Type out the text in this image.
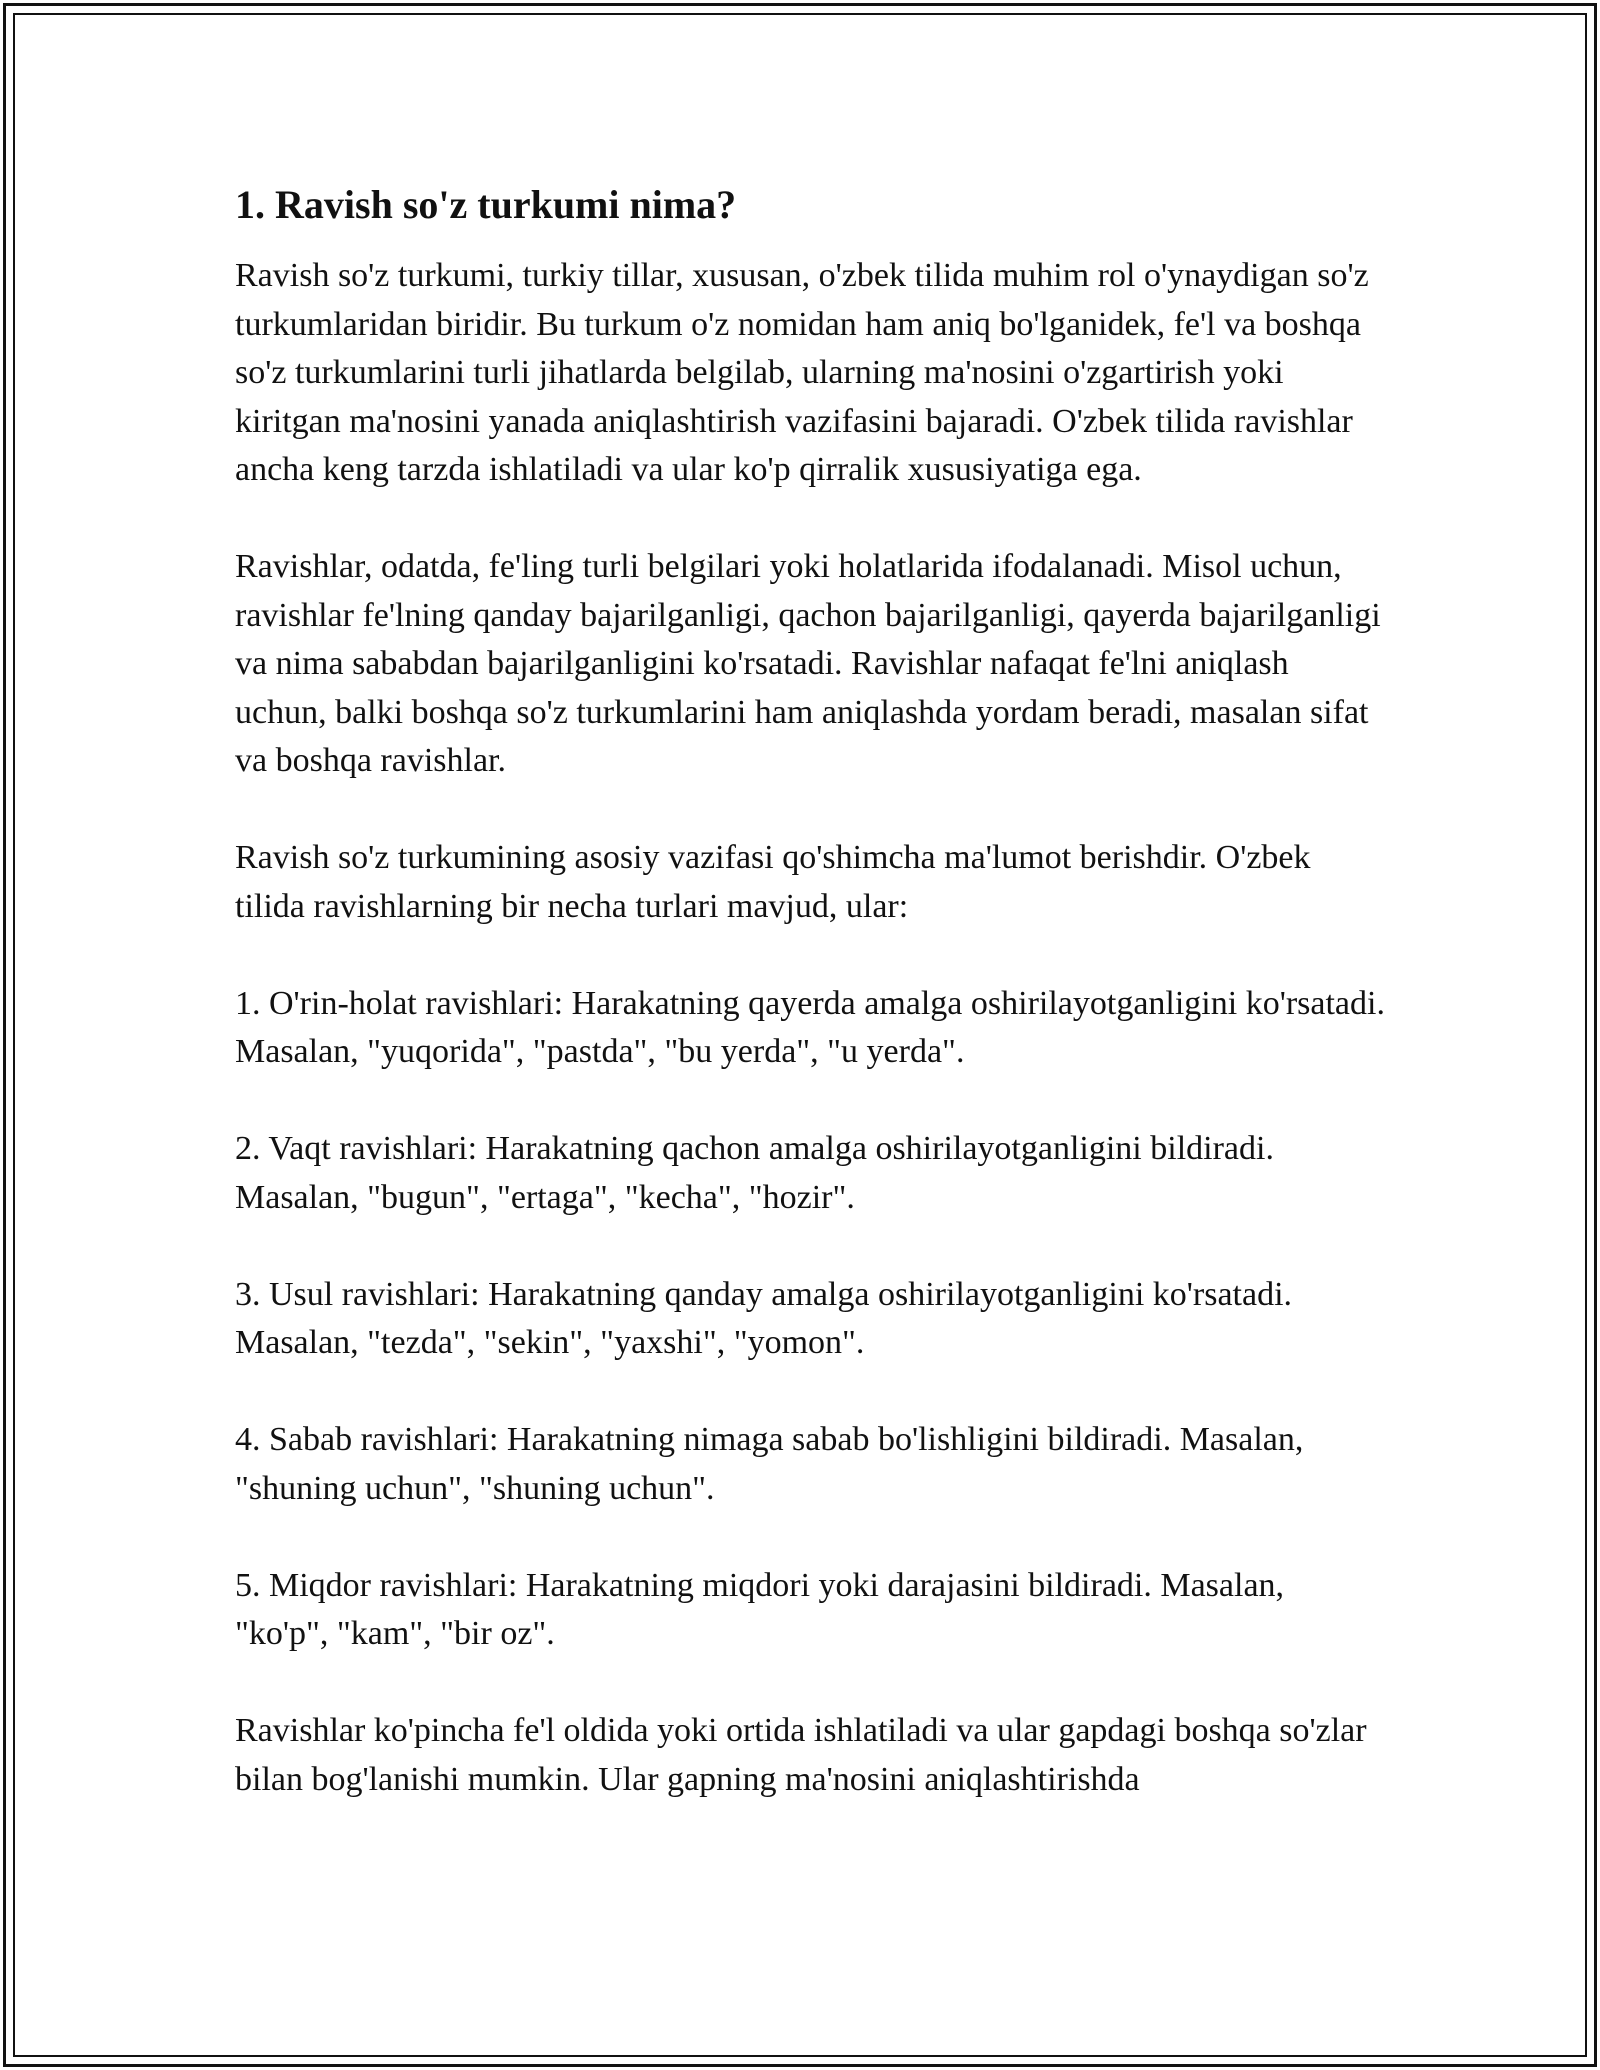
1. Ravish so'z turkumi nima?

Ravish so'z turkumi, turkiy tillar, xususan, o'zbek tilida muhim rol o'ynaydigan so'z turkumlaridan biridir. Bu turkum o'z nomidan ham aniq bo'lganidek, fe'l va boshqa so'z turkumlarini turli jihatlarda belgilab, ularning ma'nosini o'zgartirish yoki kiritgan ma'nosini yanada aniqlashtirish vazifasini bajaradi. O'zbek tilida ravishlar ancha keng tarzda ishlatiladi va ular ko'p qirralik xususiyatiga ega.

Ravishlar, odatda, fe'ling turli belgilari yoki holatlarida ifodalanadi. Misol uchun, ravishlar fe'lning qanday bajarilganligi, qachon bajarilganligi, qayerda bajarilganligi va nima sababdan bajarilganligini ko'rsatadi. Ravishlar nafaqat fe'lni aniqlash uchun, balki boshqa so'z turkumlarini ham aniqlashda yordam beradi, masalan sifat va boshqa ravishlar.

Ravish so'z turkumining asosiy vazifasi qo'shimcha ma'lumot berishdir. O'zbek tilida ravishlarning bir necha turlari mavjud, ular:

1. O'rin-holat ravishlari: Harakatning qayerda amalga oshirilayotganligini ko'rsatadi. Masalan, "yuqorida", "pastda", "bu yerda", "u yerda".

2. Vaqt ravishlari: Harakatning qachon amalga oshirilayotganligini bildiradi. Masalan, "bugun", "ertaga", "kecha", "hozir".

3. Usul ravishlari: Harakatning qanday amalga oshirilayotganligini ko'rsatadi. Masalan, "tezda", "sekin", "yaxshi", "yomon".

4. Sabab ravishlari: Harakatning nimaga sabab bo'lishligini bildiradi. Masalan, "shuning uchun", "shuning uchun".

5. Miqdor ravishlari: Harakatning miqdori yoki darajasini bildiradi. Masalan, "ko'p", "kam", "bir oz".

Ravishlar ko'pincha fe'l oldida yoki ortida ishlatiladi va ular gapdagi boshqa so'zlar bilan bog'lanishi mumkin. Ular gapning ma'nosini aniqlashtirishda
